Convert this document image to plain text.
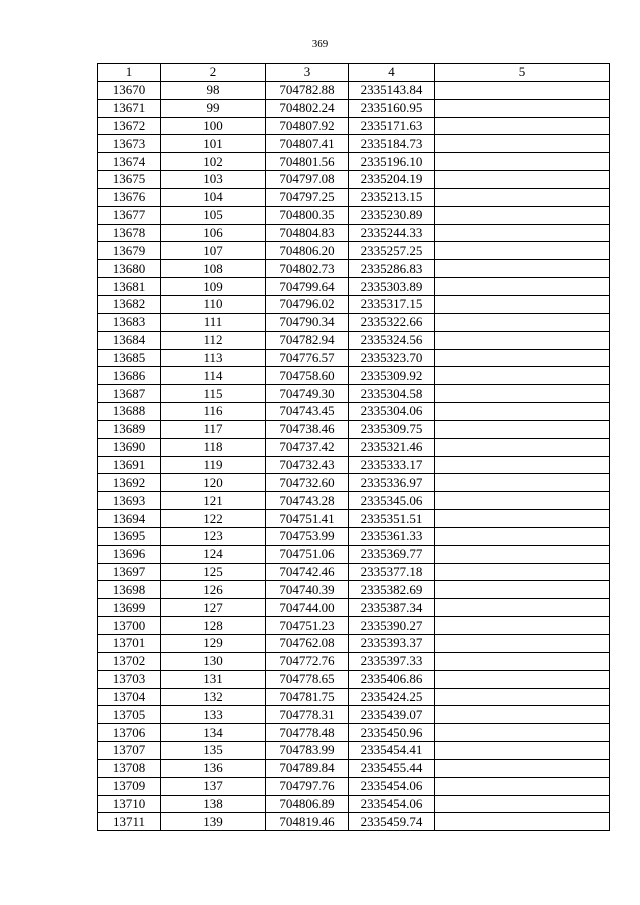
369
1	2	3	4	5
13670	98	704782.88	2335143.84	
13671	99	704802.24	2335160.95	
13672	100	704807.92	2335171.63	
13673	101	704807.41	2335184.73	
13674	102	704801.56	2335196.10	
13675	103	704797.08	2335204.19	
13676	104	704797.25	2335213.15	
13677	105	704800.35	2335230.89	
13678	106	704804.83	2335244.33	
13679	107	704806.20	2335257.25	
13680	108	704802.73	2335286.83	
13681	109	704799.64	2335303.89	
13682	110	704796.02	2335317.15	
13683	111	704790.34	2335322.66	
13684	112	704782.94	2335324.56	
13685	113	704776.57	2335323.70	
13686	114	704758.60	2335309.92	
13687	115	704749.30	2335304.58	
13688	116	704743.45	2335304.06	
13689	117	704738.46	2335309.75	
13690	118	704737.42	2335321.46	
13691	119	704732.43	2335333.17	
13692	120	704732.60	2335336.97	
13693	121	704743.28	2335345.06	
13694	122	704751.41	2335351.51	
13695	123	704753.99	2335361.33	
13696	124	704751.06	2335369.77	
13697	125	704742.46	2335377.18	
13698	126	704740.39	2335382.69	
13699	127	704744.00	2335387.34	
13700	128	704751.23	2335390.27	
13701	129	704762.08	2335393.37	
13702	130	704772.76	2335397.33	
13703	131	704778.65	2335406.86	
13704	132	704781.75	2335424.25	
13705	133	704778.31	2335439.07	
13706	134	704778.48	2335450.96	
13707	135	704783.99	2335454.41	
13708	136	704789.84	2335455.44	
13709	137	704797.76	2335454.06	
13710	138	704806.89	2335454.06	
13711	139	704819.46	2335459.74	
